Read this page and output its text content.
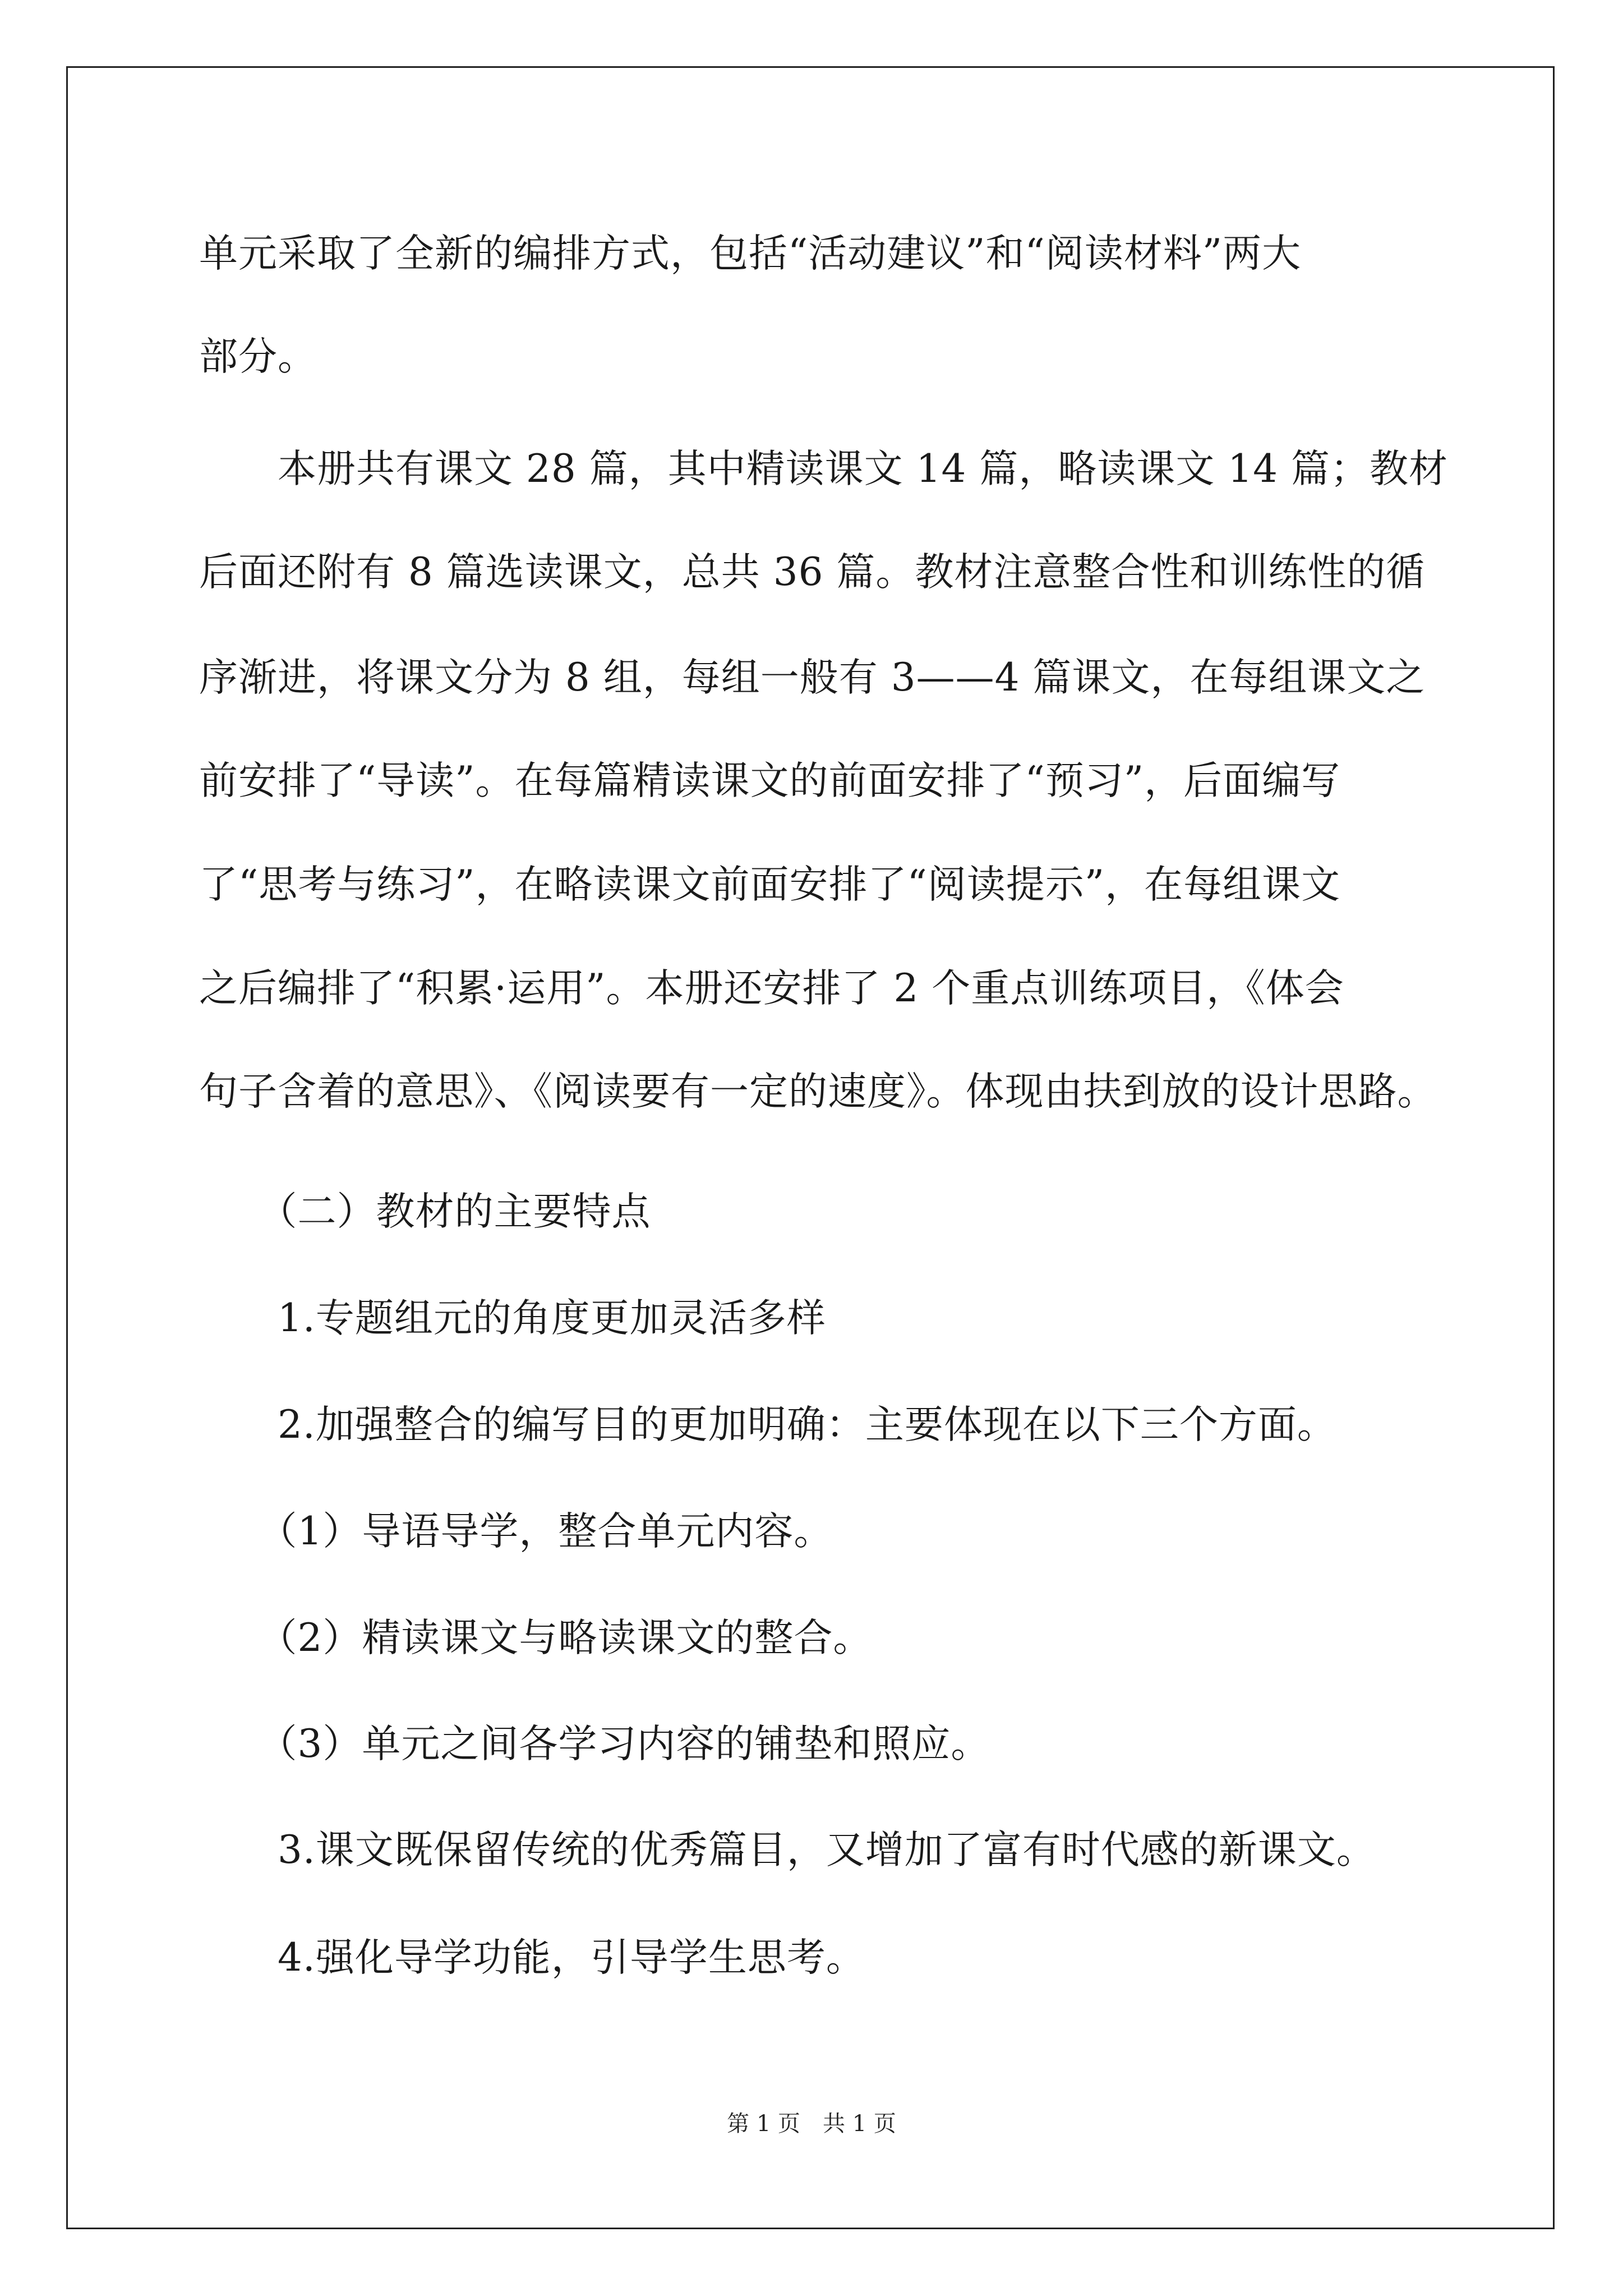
单元采取了全新的编排方式，包括“活动建议”和“阅读材料”两大
部分。
　　本册共有课文 28 篇，其中精读课文 14 篇，略读课文 14 篇；教材
后面还附有 8 篇选读课文，总共 36 篇。教材注意整合性和训练性的循
序渐进，将课文分为 8 组，每组一般有 3——4 篇课文，在每组课文之
前安排了“导读”。在每篇精读课文的前面安排了“预习”，后面编写
了“思考与练习”，在略读课文前面安排了“阅读提示”，在每组课文
之后编排了“积累·运用”。本册还安排了 2 个重点训练项目，《体会
句子含着的意思》、《阅读要有一定的速度》。体现由扶到放的设计思路。
　　（二）教材的主要特点
　　1.专题组元的角度更加灵活多样
　　2.加强整合的编写目的更加明确：主要体现在以下三个方面。
　　（1）导语导学，整合单元内容。
　　（2）精读课文与略读课文的整合。
　　（3）单元之间各学习内容的铺垫和照应。
　　3.课文既保留传统的优秀篇目，又增加了富有时代感的新课文。
　　4.强化导学功能，引导学生思考。
第 1 页　共 1 页
